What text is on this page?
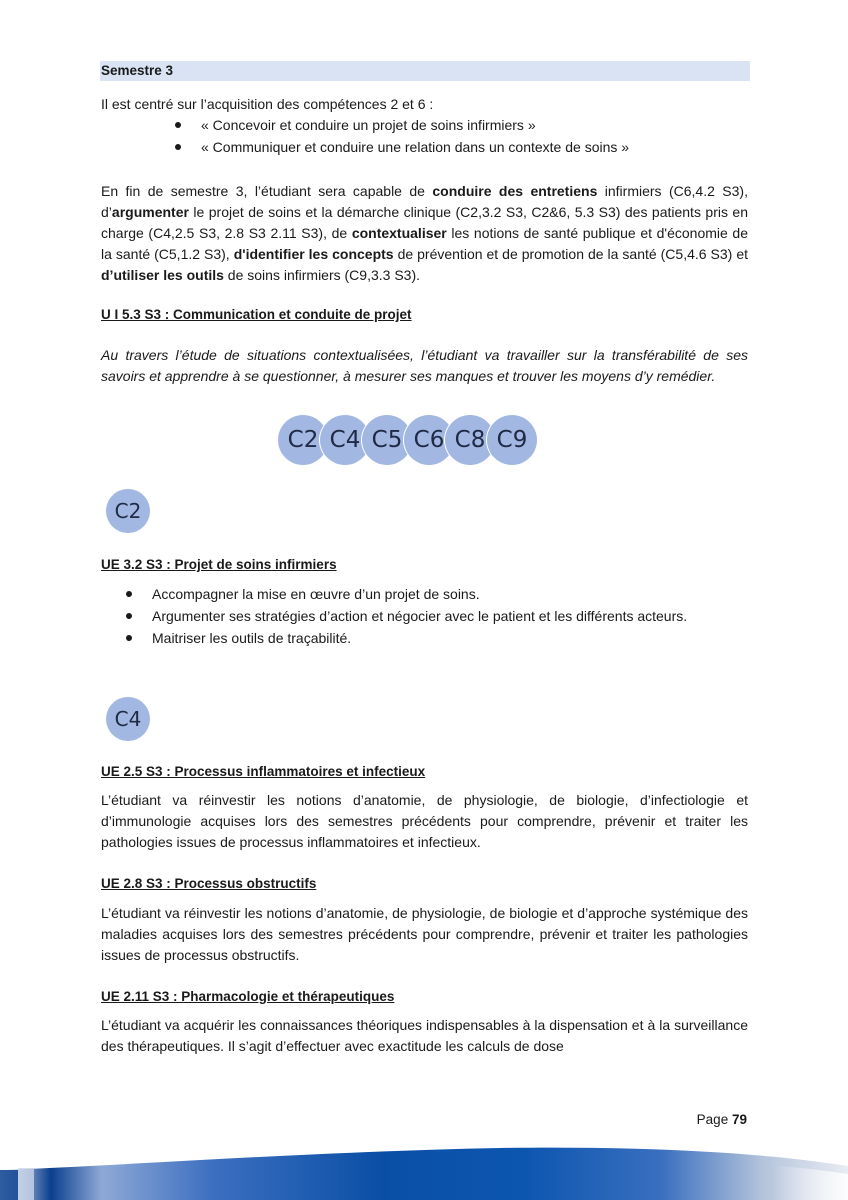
Semestre 3
Il est centré sur l’acquisition des compétences 2 et 6 :
« Concevoir et conduire un projet de soins infirmiers »
« Communiquer et conduire une relation dans un contexte de soins »
En fin de semestre 3, l’étudiant sera capable de conduire des entretiens infirmiers (C6,4.2 S3), d’argumenter le projet de soins et la démarche clinique (C2,3.2 S3, C2&6, 5.3 S3) des patients pris en charge (C4,2.5 S3, 2.8 S3 2.11 S3), de contextualiser les notions de santé publique et d'économie de la santé (C5,1.2 S3), d'identifier les concepts de prévention et de promotion de la santé (C5,4.6 S3) et d’utiliser les outils de soins infirmiers (C9,3.3 S3).
U I 5.3 S3 : Communication et conduite de projet
Au travers l’étude de situations contextualisées, l’étudiant va travailler sur la transférabilité de ses savoirs et apprendre à se questionner, à mesurer ses manques et trouver les moyens d’y remédier.
C2 C4 C5 C6 C8 C9
C2
UE 3.2 S3 : Projet de soins infirmiers
Accompagner la mise en œuvre d’un projet de soins.
Argumenter ses stratégies d’action et négocier avec le patient et les différents acteurs.
Maitriser les outils de traçabilité.
C4
UE 2.5 S3 : Processus inflammatoires et infectieux
L’étudiant va réinvestir les notions d’anatomie, de physiologie, de biologie, d’infectiologie et d’immunologie acquises lors des semestres précédents pour comprendre, prévenir et traiter les pathologies issues de processus inflammatoires et infectieux.
UE 2.8 S3 : Processus obstructifs
L’étudiant va réinvestir les notions d’anatomie, de physiologie, de biologie et d’approche systémique des maladies acquises lors des semestres précédents pour comprendre, prévenir et traiter les pathologies issues de processus obstructifs.
UE 2.11 S3 : Pharmacologie et thérapeutiques
L’étudiant va acquérir les connaissances théoriques indispensables à la dispensation et à la surveillance des thérapeutiques. Il s’agit d’effectuer avec exactitude les calculs de dose
Page 79
